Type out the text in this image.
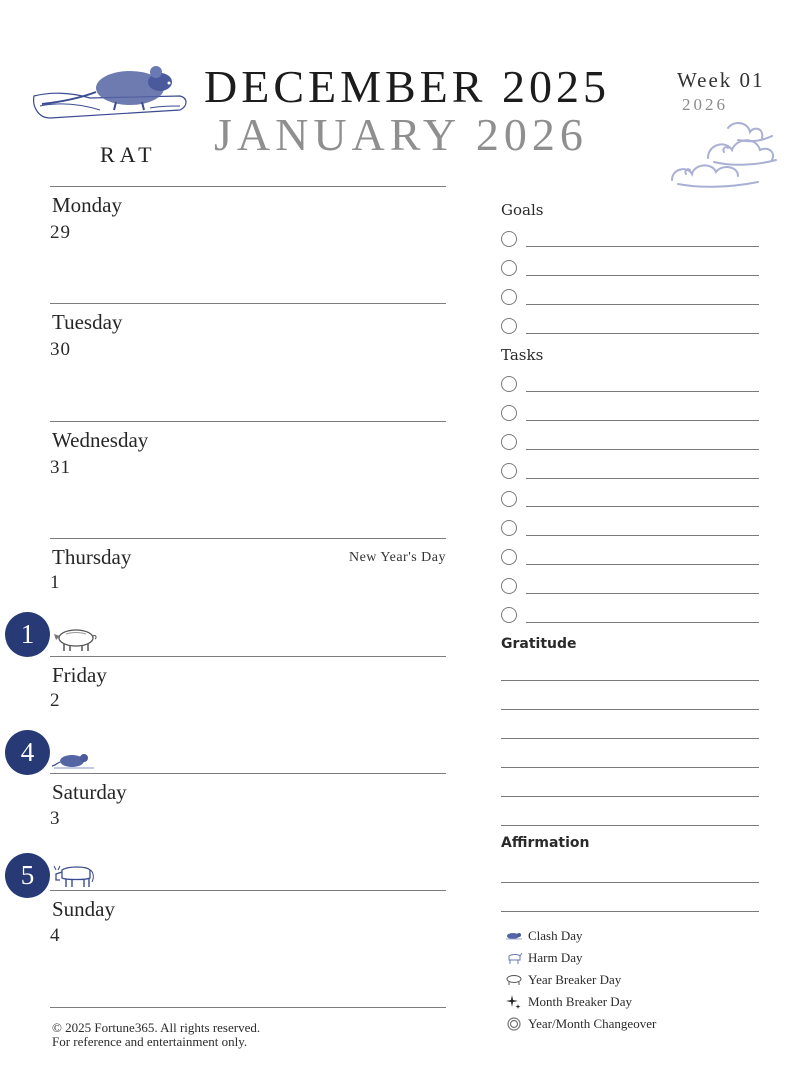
RAT
DECEMBER 2025
JANUARY 2026
Week 01
2026
Monday
29
Tuesday
30
Wednesday
31
Thursday	New Year's Day
1
1
Friday
2
4
Saturday
3
5
Sunday
4
Goals
Tasks
Gratitude
Affirmation
Clash Day
Harm Day
Year Breaker Day
Month Breaker Day
Year/Month Changeover
© 2025 Fortune365. All rights reserved.
For reference and entertainment only.
